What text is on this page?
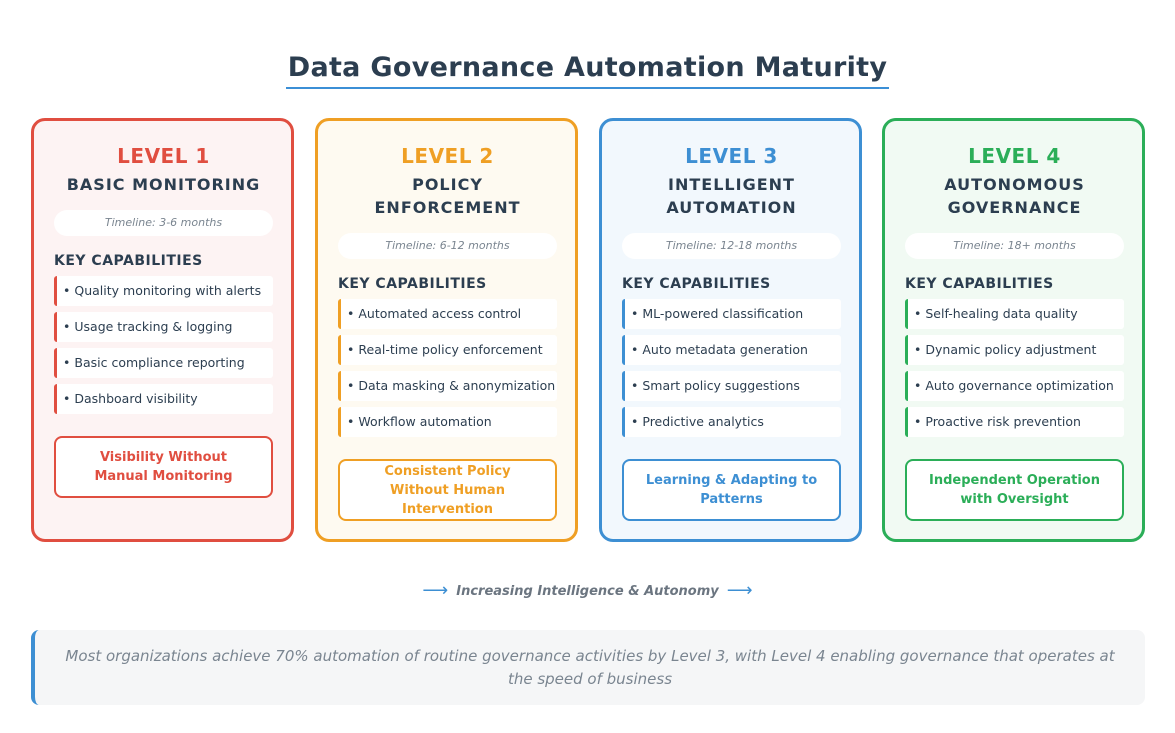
Data Governance Automation Maturity
LEVEL 1
BASIC MONITORING
Timeline: 3-6 months
KEY CAPABILITIES
• Quality monitoring with alerts
• Usage tracking & logging
• Basic compliance reporting
• Dashboard visibility
Visibility Without Manual Monitoring
LEVEL 2
POLICY ENFORCEMENT
Timeline: 6-12 months
KEY CAPABILITIES
• Automated access control
• Real-time policy enforcement
• Data masking & anonymization
• Workflow automation
Consistent Policy Without Human Intervention
LEVEL 3
INTELLIGENT AUTOMATION
Timeline: 12-18 months
KEY CAPABILITIES
• ML-powered classification
• Auto metadata generation
• Smart policy suggestions
• Predictive analytics
Learning & Adapting to Patterns
LEVEL 4
AUTONOMOUS GOVERNANCE
Timeline: 18+ months
KEY CAPABILITIES
• Self-healing data quality
• Dynamic policy adjustment
• Auto governance optimization
• Proactive risk prevention
Independent Operation with Oversight
⟶ Increasing Intelligence & Autonomy ⟶
Most organizations achieve 70% automation of routine governance activities by Level 3, with Level 4 enabling governance that operates at the speed of business
